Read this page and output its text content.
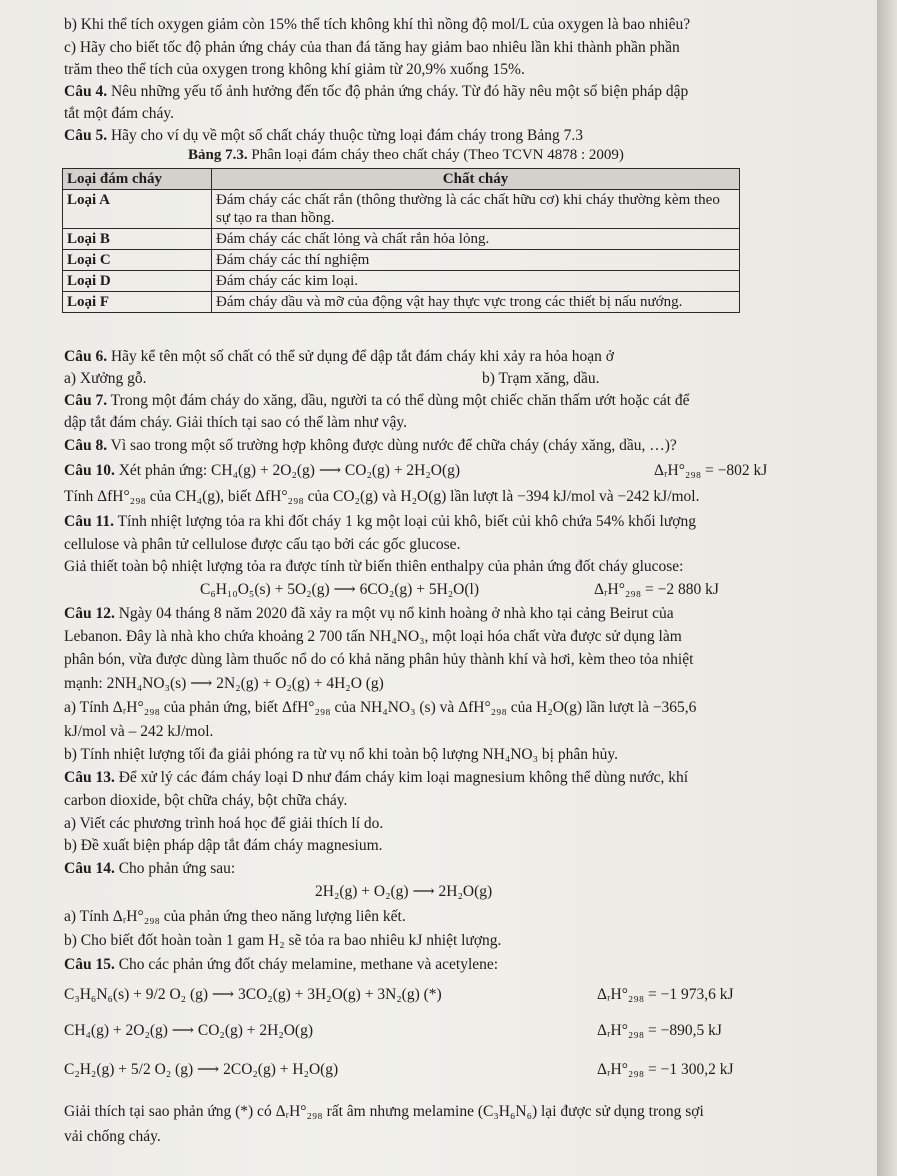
b) Khi thể tích oxygen giảm còn 15% thể tích không khí thì nồng độ mol/L của oxygen là bao nhiêu?
c) Hãy cho biết tốc độ phản ứng cháy của than đá tăng hay giảm bao nhiêu lần khi thành phần phần
trăm theo thể tích của oxygen trong không khí giảm từ 20,9% xuống 15%.
Câu 4. Nêu những yếu tố ảnh hưởng đến tốc độ phản ứng cháy. Từ đó hãy nêu một số biện pháp dập
tắt một đám cháy.
Câu 5. Hãy cho ví dụ về một số chất cháy thuộc từng loại đám cháy trong Bảng 7.3
Bảng 7.3. Phân loại đám cháy theo chất cháy (Theo TCVN 4878 : 2009)
Loại đám cháy	Chất cháy
Loại A	Đám cháy các chất rắn (thông thường là các chất hữu cơ) khi cháy thường kèm theo sự tạo ra than hồng.
Loại B	Đám cháy các chất lỏng và chất rắn hỏa lỏng.
Loại C	Đám cháy các thí nghiệm
Loại D	Đám cháy các kim loại.
Loại F	Đám cháy dầu và mỡ của động vật hay thực vực trong các thiết bị nấu nướng.
Câu 6. Hãy kể tên một số chất có thể sử dụng để dập tắt đám cháy khi xảy ra hỏa hoạn ở
a) Xưởng gỗ.	b) Trạm xăng, dầu.
Câu 7. Trong một đám cháy do xăng, dầu, người ta có thể dùng một chiếc chăn thấm ướt hoặc cát để
dập tắt đám cháy. Giải thích tại sao có thể làm như vậy.
Câu 8. Vì sao trong một số trường hợp không được dùng nước để chữa cháy (cháy xăng, dầu, …)?
Câu 10. Xét phản ứng: CH₄(g) + 2O₂(g) ⟶ CO₂(g) + 2H₂O(g)	ΔᵣH°₂₉₈ = −802 kJ
Tính ΔfH°₂₉₈ của CH₄(g), biết ΔfH°₂₉₈ của CO₂(g) và H₂O(g) lần lượt là −394 kJ/mol và −242 kJ/mol.
Câu 11. Tính nhiệt lượng tỏa ra khi đốt cháy 1 kg một loại củi khô, biết củi khô chứa 54% khối lượng
cellulose và phân tử cellulose được cấu tạo bởi các gốc glucose.
Giả thiết toàn bộ nhiệt lượng tỏa ra được tính từ biến thiên enthalpy của phản ứng đốt cháy glucose:
C₆H₁₀O₅(s) + 5O₂(g) ⟶ 6CO₂(g) + 5H₂O(l)	ΔᵣH°₂₉₈ = −2 880 kJ
Câu 12. Ngày 04 tháng 8 năm 2020 đã xảy ra một vụ nổ kinh hoàng ở nhà kho tại cảng Beirut của
Lebanon. Đây là nhà kho chứa khoảng 2 700 tấn NH₄NO₃, một loại hóa chất vừa được sử dụng làm
phân bón, vừa được dùng làm thuốc nổ do có khả năng phân hủy thành khí và hơi, kèm theo tỏa nhiệt
mạnh: 2NH₄NO₃(s) ⟶ 2N₂(g) + O₂(g) + 4H₂O (g)
a) Tính ΔᵣH°₂₉₈ của phản ứng, biết ΔfH°₂₉₈ của NH₄NO₃ (s) và ΔfH°₂₉₈ của H₂O(g) lần lượt là −365,6
kJ/mol và – 242 kJ/mol.
b) Tính nhiệt lượng tối đa giải phóng ra từ vụ nổ khi toàn bộ lượng NH₄NO₃ bị phân hủy.
Câu 13. Để xử lý các đám cháy loại D như đám cháy kim loại magnesium không thể dùng nước, khí
carbon dioxide, bột chữa cháy, bột chữa cháy.
a) Viết các phương trình hoá học để giải thích lí do.
b) Đề xuất biện pháp dập tắt đám cháy magnesium.
Câu 14. Cho phản ứng sau:
2H₂(g) + O₂(g) ⟶ 2H₂O(g)
a) Tính ΔᵣH°₂₉₈ của phản ứng theo năng lượng liên kết.
b) Cho biết đốt hoàn toàn 1 gam H₂ sẽ tỏa ra bao nhiêu kJ nhiệt lượng.
Câu 15. Cho các phản ứng đốt cháy melamine, methane và acetylene:
C₃H₆N₆(s) + 9/2 O₂ (g) ⟶ 3CO₂(g) + 3H₂O(g) + 3N₂(g) (*)	ΔᵣH°₂₉₈ = −1 973,6 kJ
CH₄(g) + 2O₂(g) ⟶ CO₂(g) + 2H₂O(g)	ΔᵣH°₂₉₈ = −890,5 kJ
C₂H₂(g) + 5/2 O₂ (g) ⟶ 2CO₂(g) + H₂O(g)	ΔᵣH°₂₉₈ = −1 300,2 kJ
Giải thích tại sao phản ứng (*) có ΔᵣH°₂₉₈ rất âm nhưng melamine (C₃H₆N₆) lại được sử dụng trong sợi
vải chống cháy.
